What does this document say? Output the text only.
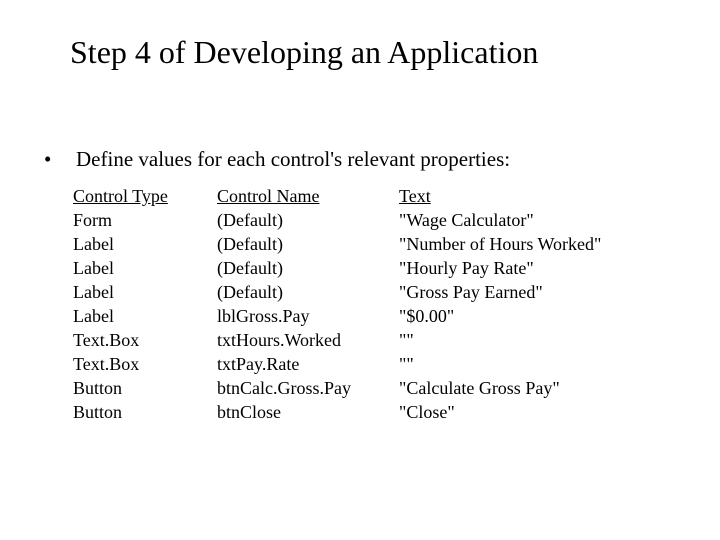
Step 4 of Developing an Application
• Define values for each control's relevant properties:
Control Type	Control Name	Text
Form	(Default)	"Wage Calculator"
Label	(Default)	"Number of Hours Worked"
Label	(Default)	"Hourly Pay Rate"
Label	(Default)	"Gross Pay Earned"
Label	lblGross.Pay	"$0.00"
Text.Box	txtHours.Worked	""
Text.Box	txtPay.Rate	""
Button	btnCalc.Gross.Pay	"Calculate Gross Pay"
Button	btnClose	"Close"
